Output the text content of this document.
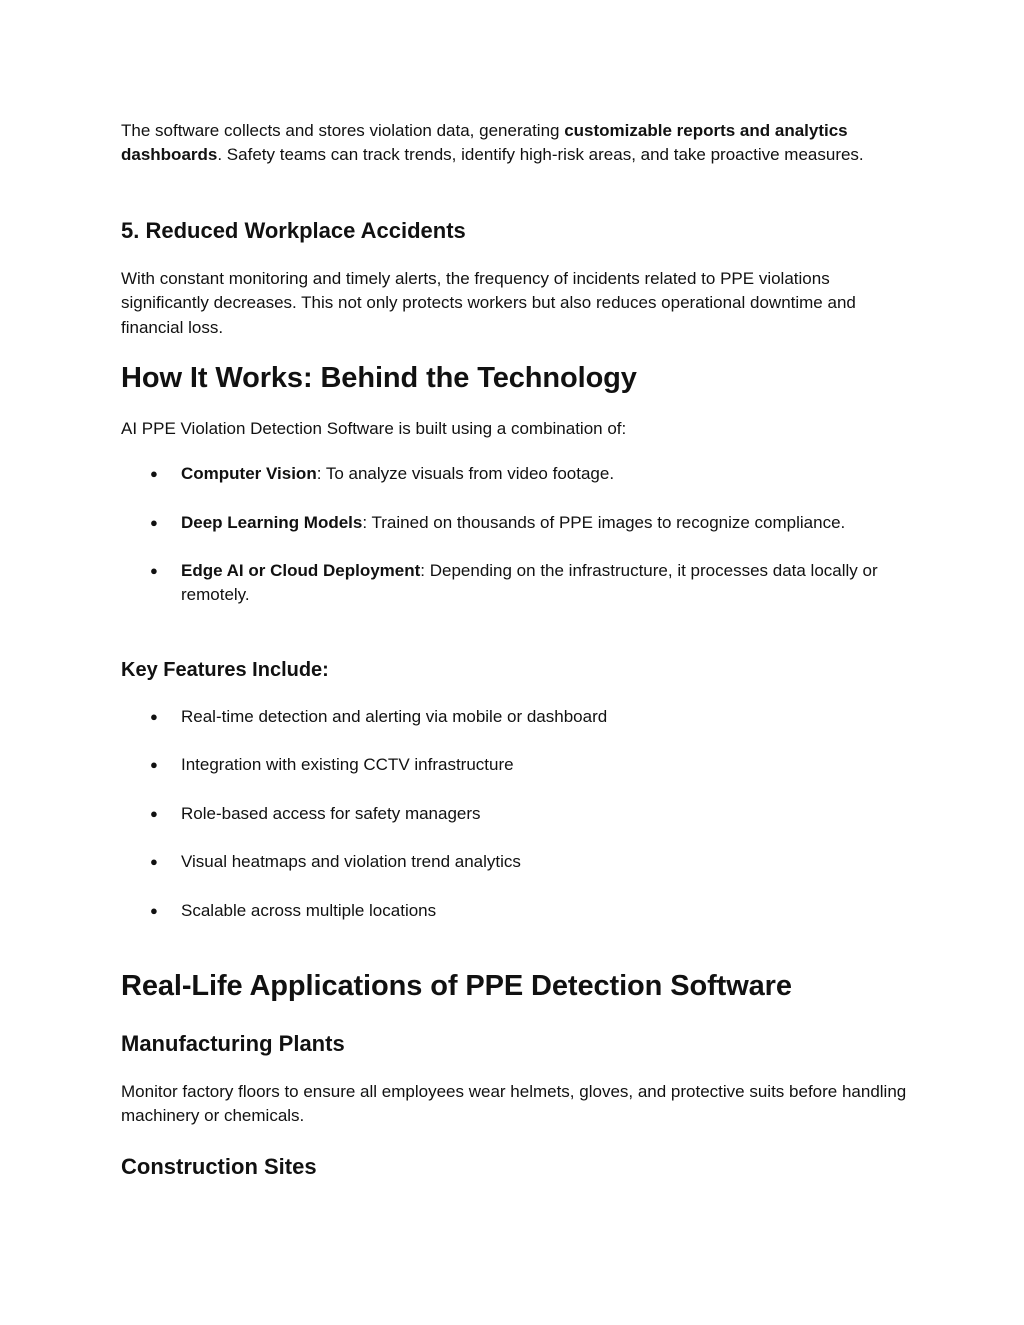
The software collects and stores violation data, generating customizable reports and analytics dashboards. Safety teams can track trends, identify high-risk areas, and take proactive measures.

5. Reduced Workplace Accidents

With constant monitoring and timely alerts, the frequency of incidents related to PPE violations significantly decreases. This not only protects workers but also reduces operational downtime and financial loss.

How It Works: Behind the Technology

AI PPE Violation Detection Software is built using a combination of:

● Computer Vision: To analyze visuals from video footage.
● Deep Learning Models: Trained on thousands of PPE images to recognize compliance.
● Edge AI or Cloud Deployment: Depending on the infrastructure, it processes data locally or remotely.
Key Features Include:
● Real-time detection and alerting via mobile or dashboard
● Integration with existing CCTV infrastructure
● Role-based access for safety managers
● Visual heatmaps and violation trend analytics
● Scalable across multiple locations
Real-Life Applications of PPE Detection Software
Manufacturing Plants

Monitor factory floors to ensure all employees wear helmets, gloves, and protective suits before handling machinery or chemicals.

Construction Sites
